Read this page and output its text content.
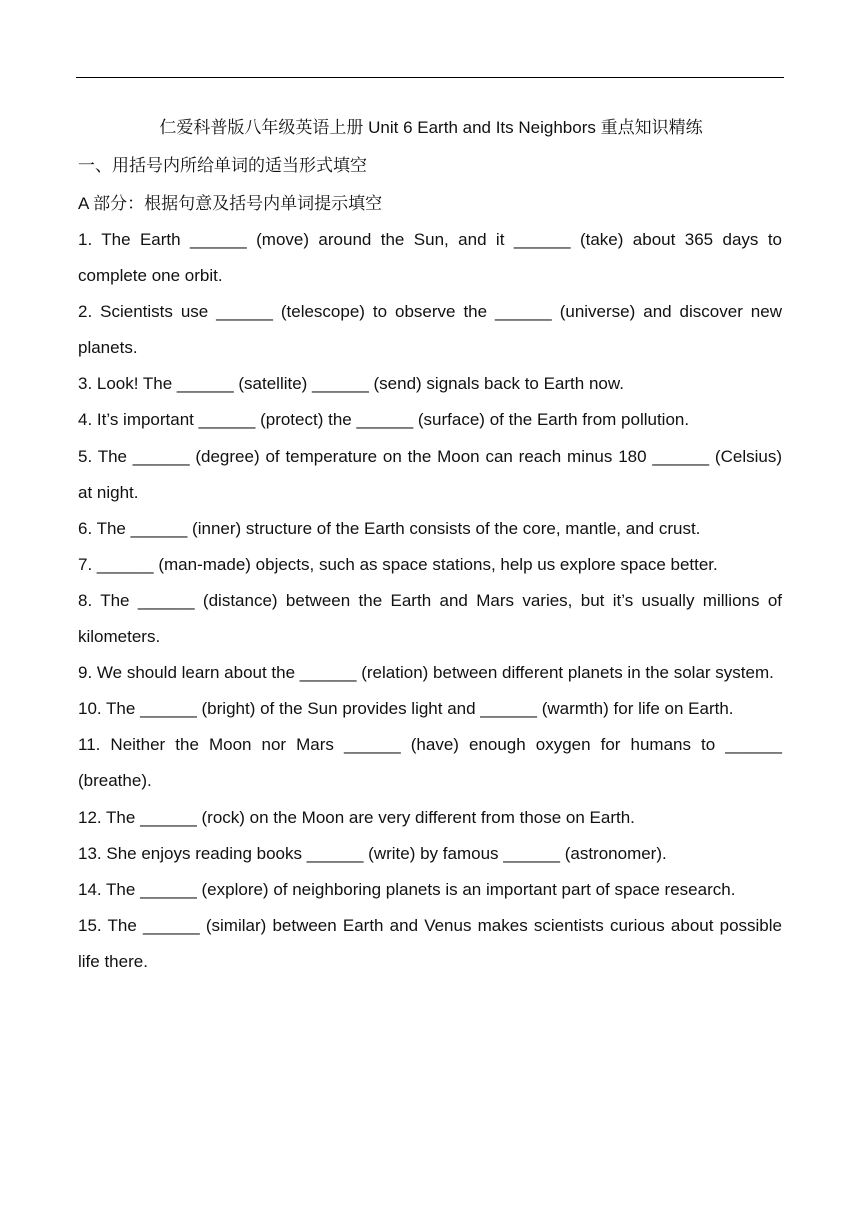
仁爱科普版八年级英语上册 Unit 6 Earth and Its Neighbors 重点知识精练

一、用括号内所给单词的适当形式填空

A 部分：根据句意及括号内单词提示填空

1. The Earth ______ (move) around the Sun, and it ______ (take) about 365 days to complete one orbit.

2. Scientists use ______ (telescope) to observe the ______ (universe) and discover new planets.

3. Look! The ______ (satellite) ______ (send) signals back to Earth now.

4. It’s important ______ (protect) the ______ (surface) of the Earth from pollution.

5. The ______ (degree) of temperature on the Moon can reach minus 180 ______ (Celsius) at night.

6. The ______ (inner) structure of the Earth consists of the core, mantle, and crust.

7. ______ (man-made) objects, such as space stations, help us explore space better.

8. The ______ (distance) between the Earth and Mars varies, but it’s usually millions of kilometers.

9. We should learn about the ______ (relation) between different planets in the solar system.

10. The ______ (bright) of the Sun provides light and ______ (warmth) for life on Earth.

11. Neither the Moon nor Mars ______ (have) enough oxygen for humans to ______ (breathe).

12. The ______ (rock) on the Moon are very different from those on Earth.

13. She enjoys reading books ______ (write) by famous ______ (astronomer).

14. The ______ (explore) of neighboring planets is an important part of space research.

15. The ______ (similar) between Earth and Venus makes scientists curious about possible life there.
